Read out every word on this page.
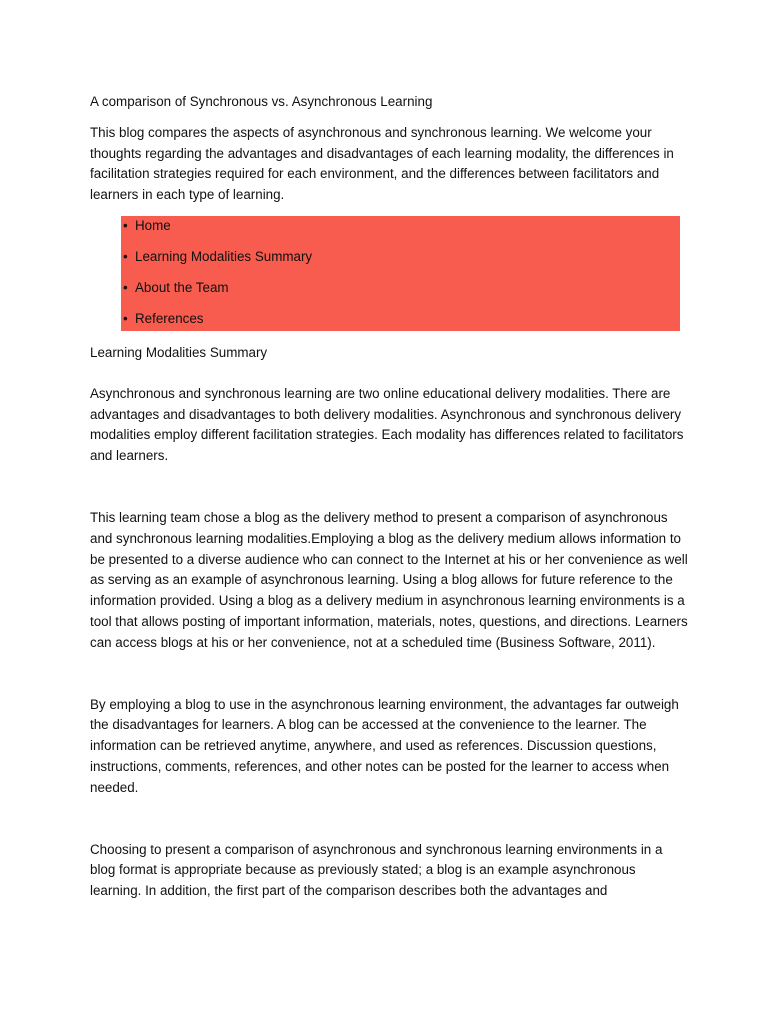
A comparison of Synchronous vs. Asynchronous Learning

This blog compares the aspects of asynchronous and synchronous learning. We welcome your thoughts regarding the advantages and disadvantages of each learning modality, the differences in facilitation strategies required for each environment, and the differences between facilitators and learners in each type of learning.

• Home
• Learning Modalities Summary
• About the Team
• References

Learning Modalities Summary

Asynchronous and synchronous learning are two online educational delivery modalities. There are advantages and disadvantages to both delivery modalities. Asynchronous and synchronous delivery modalities employ different facilitation strategies. Each modality has differences related to facilitators and learners.

This learning team chose a blog as the delivery method to present a comparison of asynchronous and synchronous learning modalities.Employing a blog as the delivery medium allows information to be presented to a diverse audience who can connect to the Internet at his or her convenience as well as serving as an example of asynchronous learning. Using a blog allows for future reference to the information provided. Using a blog as a delivery medium in asynchronous learning environments is a tool that allows posting of important information, materials, notes, questions, and directions. Learners can access blogs at his or her convenience, not at a scheduled time (Business Software, 2011).

By employing a blog to use in the asynchronous learning environment, the advantages far outweigh the disadvantages for learners. A blog can be accessed at the convenience to the learner. The information can be retrieved anytime, anywhere, and used as references. Discussion questions, instructions, comments, references, and other notes can be posted for the learner to access when needed.

Choosing to present a comparison of asynchronous and synchronous learning environments in a blog format is appropriate because as previously stated; a blog is an example asynchronous learning. In addition, the first part of the comparison describes both the advantages and
